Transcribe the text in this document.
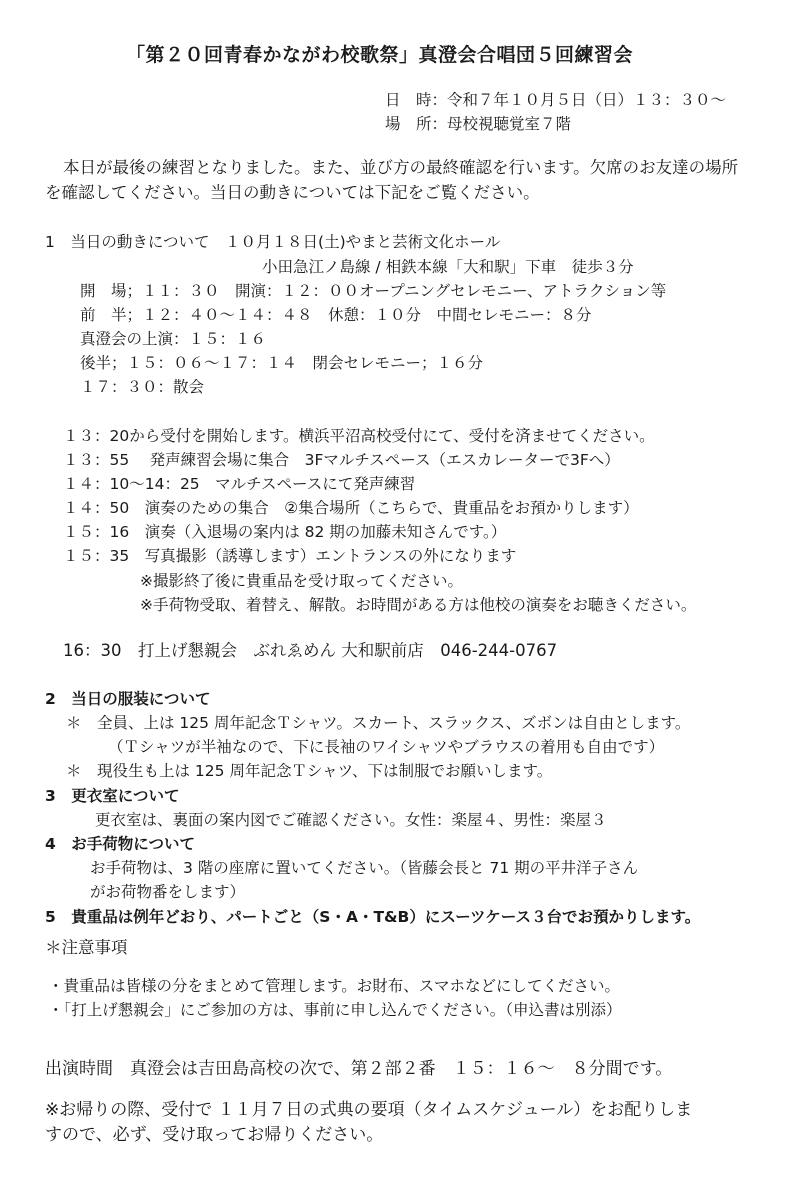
「第２０回青春かながわ校歌祭」真澄会合唱団５回練習会
日　時：令和７年１０月５日（日）１３：３０〜
場　所：母校視聴覚室７階
本日が最後の練習となりました。また、並び方の最終確認を行います。欠席のお友達の場所
を確認してください。当日の動きについては下記をご覧ください。
1　当日の動きについて　１０月１８日(土)やまと芸術文化ホール
小田急江ノ島線 / 相鉄本線「大和駅」下車　徒歩３分
開　場；１１：３０　開演：１２：００オープニングセレモニー、アトラクション等
前　半；１２：４０〜１４：４８　休憩：１０分　中間セレモニー：８分
真澄会の上演：１５：１６
後半；１５：０６〜１７：１４　閉会セレモニー；１６分
１７：３０：散会
１３：20から受付を開始します。横浜平沼高校受付にて、受付を済ませてください。
１３：55　 発声練習会場に集合　3Fマルチスペース（エスカレーターで3Fへ）
１４：10〜14：25　マルチスペースにて発声練習
１４：50　演奏のための集合　②集合場所（こちらで、貴重品をお預かりします）
１５：16　演奏（入退場の案内は 82 期の加藤未知さんです。）
１５：35　写真撮影（誘導します）エントランスの外になります
※撮影終了後に貴重品を受け取ってください。
※手荷物受取、着替え、解散。お時間がある方は他校の演奏をお聴きください。
16：30　打上げ懇親会　ぶれゑめん 大和駅前店　046-244-0767
2　当日の服装について
＊　全員、上は 125 周年記念Ｔシャツ。スカート、スラックス、ズボンは自由とします。
（Ｔシャツが半袖なので、下に長袖のワイシャツやブラウスの着用も自由です）
＊　現役生も上は 125 周年記念Ｔシャツ、下は制服でお願いします。
3　更衣室について
更衣室は、裏面の案内図でご確認ください。女性：楽屋４、男性：楽屋３
4　お手荷物について
お手荷物は、3 階の座席に置いてください。（皆藤会長と 71 期の平井洋子さん
がお荷物番をします）
5　貴重品は例年どおり、パートごと（S・A・T&B）にスーツケース３台でお預かりします。
＊注意事項
・貴重品は皆様の分をまとめて管理します。お財布、スマホなどにしてください。
・「打上げ懇親会」にご参加の方は、事前に申し込んでください。（申込書は別添）
出演時間　真澄会は吉田島高校の次で、第２部２番　１５：１６〜　８分間です。
※お帰りの際、受付で １１月７日の式典の要項（タイムスケジュール）をお配りしま
すので、必ず、受け取ってお帰りください。
